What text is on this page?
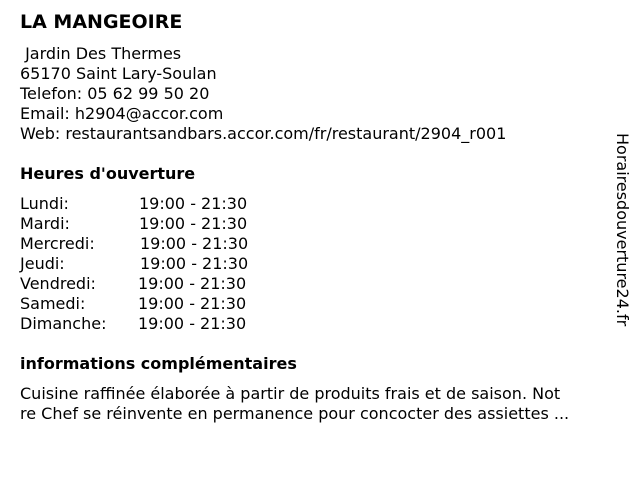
LA MANGEOIRE
Jardin Des Thermes
65170 Saint Lary-Soulan
Telefon: 05 62 99 50 20
Email: h2904@accor.com
Web: restaurantsandbars.accor.com/fr/restaurant/2904_r001
Heures d'ouverture
Lundi:	19:00 - 21:30
Mardi:	19:00 - 21:30
Mercredi:	19:00 - 21:30
Jeudi:	19:00 - 21:30
Vendredi:	19:00 - 21:30
Samedi:	19:00 - 21:30
Dimanche: 19:00 - 21:30
informations complémentaires
Cuisine raffinée élaborée à partir de produits frais et de saison. Not
re Chef se réinvente en permanence pour concocter des assiettes ...
Horairesdouverture24.fr
